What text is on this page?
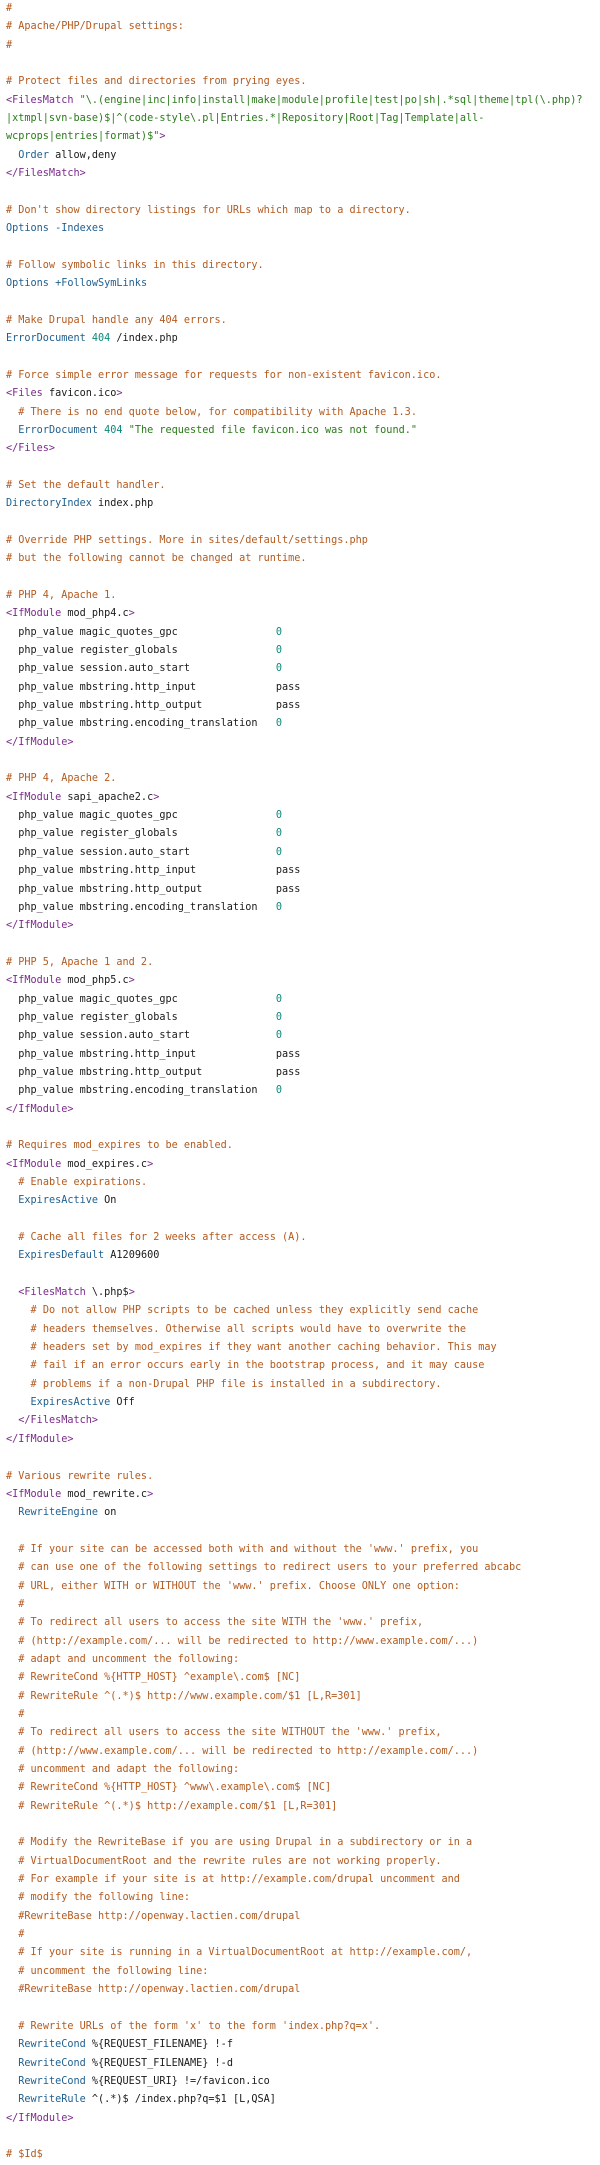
#
# Apache/PHP/Drupal settings:
#
# Protect files and directories from prying eyes.
<FilesMatch "\.(engine|inc|info|install|make|module|profile|test|po|sh|.*sql|theme|tpl(\.php)?
|xtmpl|svn-base)$|^(code-style\.pl|Entries.*|Repository|Root|Tag|Template|all-
wcprops|entries|format)$">
Order allow,deny
</FilesMatch>
# Don't show directory listings for URLs which map to a directory.
Options -Indexes
# Follow symbolic links in this directory.
Options +FollowSymLinks
# Make Drupal handle any 404 errors.
ErrorDocument 404 /index.php
# Force simple error message for requests for non-existent favicon.ico.
<Files favicon.ico>
# There is no end quote below, for compatibility with Apache 1.3.
ErrorDocument 404 "The requested file favicon.ico was not found."
</Files>
# Set the default handler.
DirectoryIndex index.php
# Override PHP settings. More in sites/default/settings.php
# but the following cannot be changed at runtime.
# PHP 4, Apache 1.
<IfModule mod_php4.c>
php_value magic_quotes_gpc                0
php_value register_globals                0
php_value session.auto_start              0
php_value mbstring.http_input             pass
php_value mbstring.http_output            pass
php_value mbstring.encoding_translation   0
</IfModule>
# PHP 4, Apache 2.
<IfModule sapi_apache2.c>
php_value magic_quotes_gpc                0
php_value register_globals                0
php_value session.auto_start              0
php_value mbstring.http_input             pass
php_value mbstring.http_output            pass
php_value mbstring.encoding_translation   0
</IfModule>
# PHP 5, Apache 1 and 2.
<IfModule mod_php5.c>
php_value magic_quotes_gpc                0
php_value register_globals                0
php_value session.auto_start              0
php_value mbstring.http_input             pass
php_value mbstring.http_output            pass
php_value mbstring.encoding_translation   0
</IfModule>
# Requires mod_expires to be enabled.
<IfModule mod_expires.c>
# Enable expirations.
ExpiresActive On
# Cache all files for 2 weeks after access (A).
ExpiresDefault A1209600
<FilesMatch \.php$>
# Do not allow PHP scripts to be cached unless they explicitly send cache
# headers themselves. Otherwise all scripts would have to overwrite the
# headers set by mod_expires if they want another caching behavior. This may
# fail if an error occurs early in the bootstrap process, and it may cause
# problems if a non-Drupal PHP file is installed in a subdirectory.
ExpiresActive Off
</FilesMatch>
</IfModule>
# Various rewrite rules.
<IfModule mod_rewrite.c>
RewriteEngine on
# If your site can be accessed both with and without the 'www.' prefix, you
# can use one of the following settings to redirect users to your preferred abcabc
# URL, either WITH or WITHOUT the 'www.' prefix. Choose ONLY one option:
#
# To redirect all users to access the site WITH the 'www.' prefix,
# (http://example.com/... will be redirected to http://www.example.com/...)
# adapt and uncomment the following:
# RewriteCond %{HTTP_HOST} ^example\.com$ [NC]
# RewriteRule ^(.*)$ http://www.example.com/$1 [L,R=301]
#
# To redirect all users to access the site WITHOUT the 'www.' prefix,
# (http://www.example.com/... will be redirected to http://example.com/...)
# uncomment and adapt the following:
# RewriteCond %{HTTP_HOST} ^www\.example\.com$ [NC]
# RewriteRule ^(.*)$ http://example.com/$1 [L,R=301]
# Modify the RewriteBase if you are using Drupal in a subdirectory or in a
# VirtualDocumentRoot and the rewrite rules are not working properly.
# For example if your site is at http://example.com/drupal uncomment and
# modify the following line:
#RewriteBase http://openway.lactien.com/drupal
#
# If your site is running in a VirtualDocumentRoot at http://example.com/,
# uncomment the following line:
#RewriteBase http://openway.lactien.com/drupal
# Rewrite URLs of the form 'x' to the form 'index.php?q=x'.
RewriteCond %{REQUEST_FILENAME} !-f
RewriteCond %{REQUEST_FILENAME} !-d
RewriteCond %{REQUEST_URI} !=/favicon.ico
RewriteRule ^(.*)$ /index.php?q=$1 [L,QSA]
</IfModule>
# $Id$
